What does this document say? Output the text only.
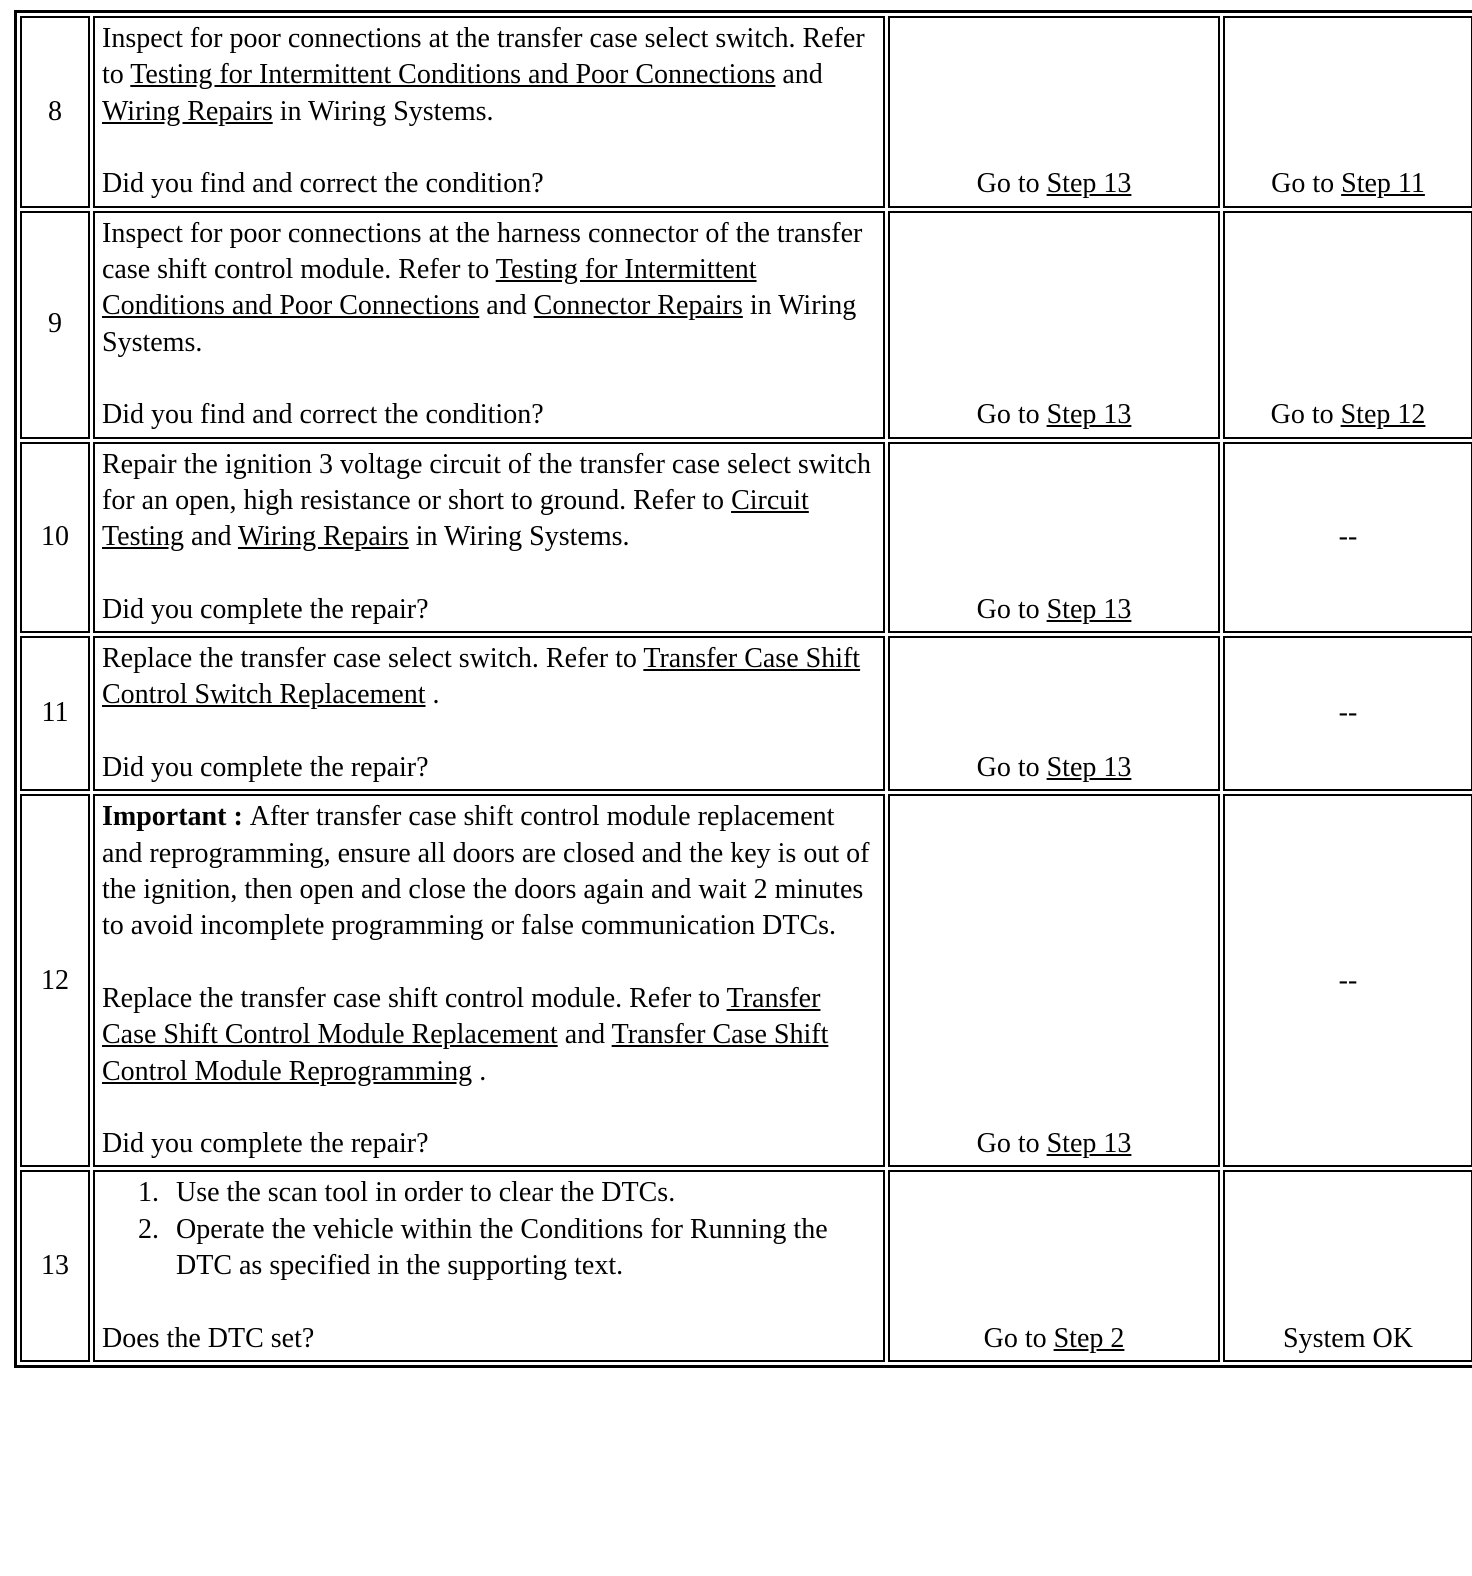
8	Inspect for poor connections at the transfer case select switch. Refer to Testing for Intermittent Conditions and Poor Connections and Wiring Repairs in Wiring Systems.

Did you find and correct the condition?	Go to Step 13	Go to Step 11
9	Inspect for poor connections at the harness connector of the transfer case shift control module. Refer to Testing for Intermittent Conditions and Poor Connections and Connector Repairs in Wiring Systems.

Did you find and correct the condition?	Go to Step 13	Go to Step 12
10	Repair the ignition 3 voltage circuit of the transfer case select switch for an open, high resistance or short to ground. Refer to Circuit Testing and Wiring Repairs in Wiring Systems.

Did you complete the repair?	Go to Step 13	--
11	Replace the transfer case select switch. Refer to Transfer Case Shift Control Switch Replacement .

Did you complete the repair?	Go to Step 13	--
12	Important : After transfer case shift control module replacement and reprogramming, ensure all doors are closed and the key is out of the ignition, then open and close the doors again and wait 2 minutes to avoid incomplete programming or false communication DTCs.

Replace the transfer case shift control module. Refer to Transfer Case Shift Control Module Replacement and Transfer Case Shift Control Module Reprogramming .

Did you complete the repair?	Go to Step 13	--
13	
1. Use the scan tool in order to clear the DTCs.
2. Operate the vehicle within the Conditions for Running the DTC as specified in the supporting text.

Does the DTC set?	Go to Step 2	System OK
